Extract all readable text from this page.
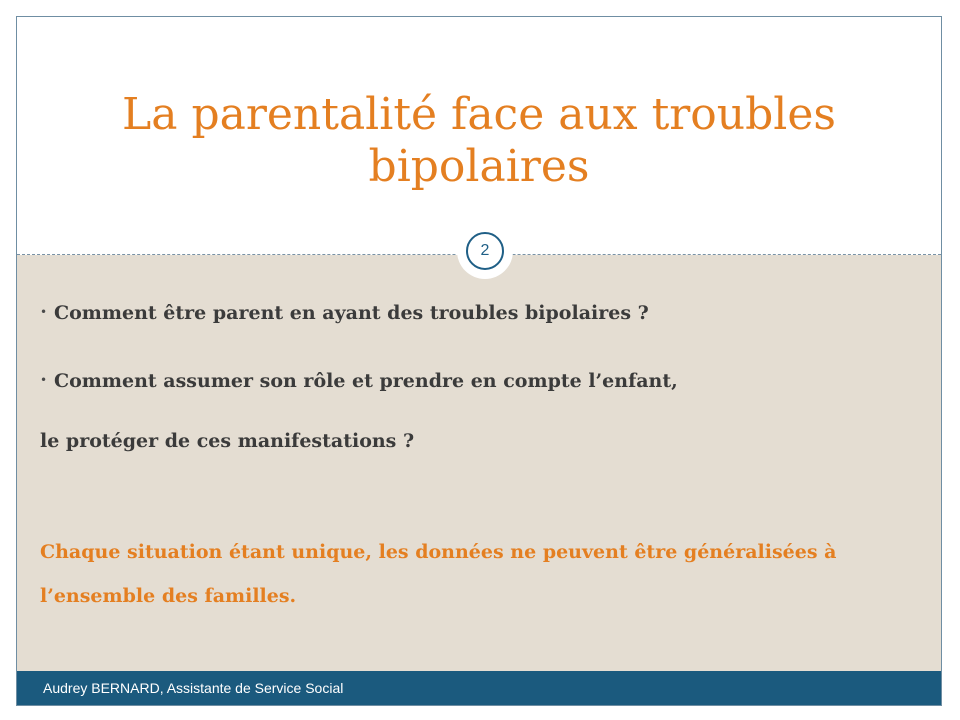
La parentalité face aux troubles bipolaires
2
Audrey BERNARD, Assistante de Service Social
• Comment être parent en ayant des troubles bipolaires ?
• Comment assumer son rôle et prendre en compte l’enfant,
le protéger de ces manifestations ?

Chaque situation étant unique, les données ne peuvent être généralisées à l’ensemble des familles.
